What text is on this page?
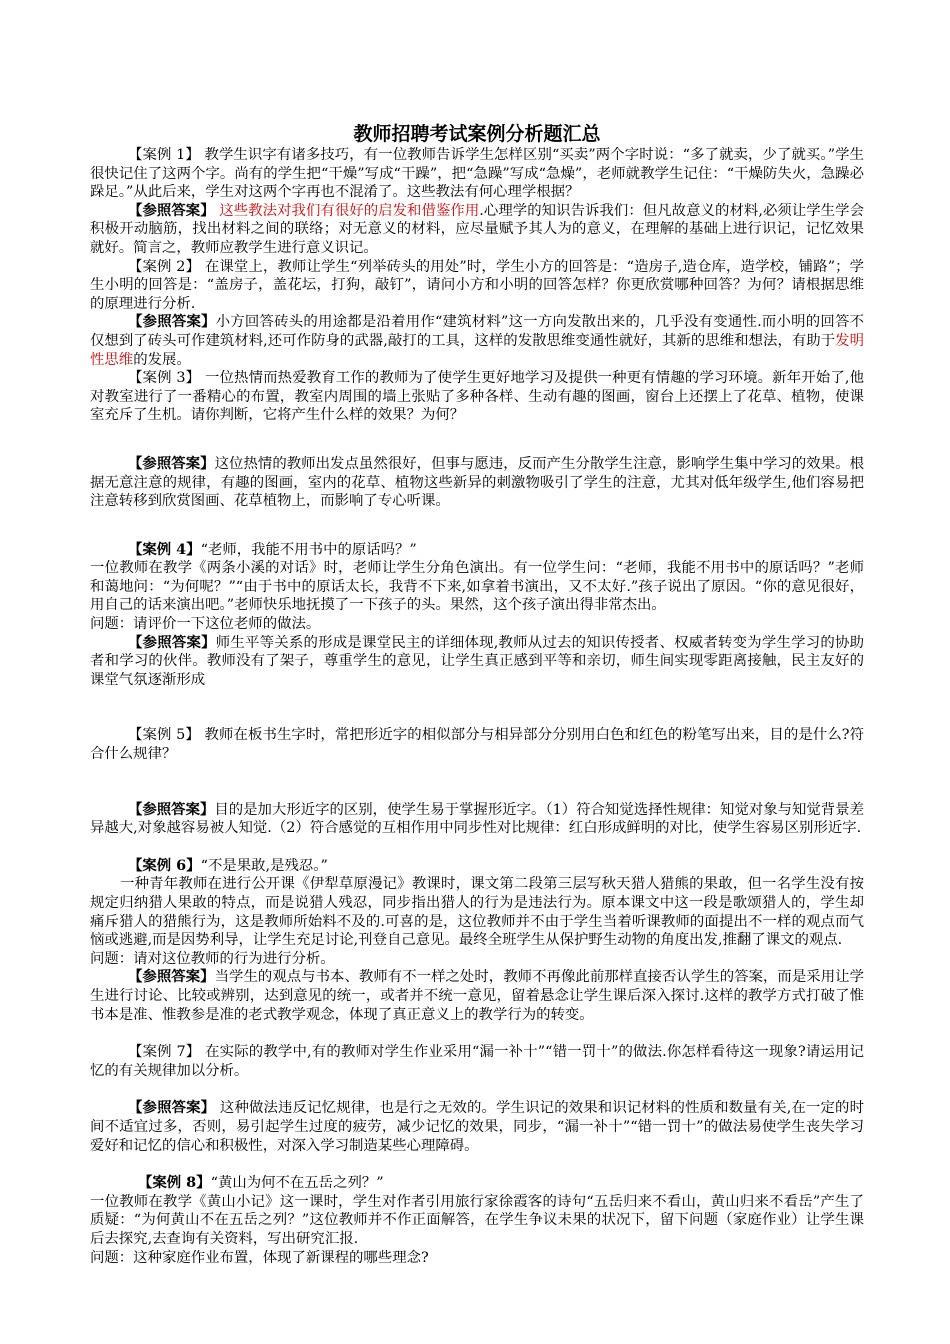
教师招聘考试案例分析题汇总

【案例 1】 教学生识字有诸多技巧，有一位教师告诉学生怎样区别“买卖”两个字时说：“多了就卖，少了就买。”学生很快记住了这两个字。尚有的学生把“干燥”写成“干躁”，把“急躁”写成“急燥”，老师就教学生记住：“干燥防失火，急躁必跺足。”从此后来，学生对这两个字再也不混淆了。这些教法有何心理学根据？

【参照答案】 这些教法对我们有很好的启发和借鉴作用.心理学的知识告诉我们：但凡故意义的材料,必须让学生学会积极开动脑筋，找出材料之间的联络；对无意义的材料，应尽量赋予其人为的意义，在理解的基础上进行识记，记忆效果就好。简言之，教师应教学生进行意义识记。

【案例 2】 在课堂上，教师让学生“列举砖头的用处”时，学生小方的回答是：“造房子,造仓库，造学校，铺路”；学生小明的回答是：“盖房子，盖花坛，打狗，敲钉”，请问小方和小明的回答怎样？你更欣赏哪种回答？为何？请根据思维的原理进行分析.

【参照答案】小方回答砖头的用途都是沿着用作“建筑材料”这一方向发散出来的，几乎没有变通性.而小明的回答不仅想到了砖头可作建筑材料,还可作防身的武器,敲打的工具，这样的发散思维变通性就好，其新的思维和想法，有助于发明性思维的发展。

【案例 3】 一位热情而热爱教育工作的教师为了使学生更好地学习及提供一种更有情趣的学习环境。新年开始了,他对教室进行了一番精心的布置，教室内周围的墙上张贴了多种各样、生动有趣的图画，窗台上还摆上了花草、植物，使课室充斥了生机。请你判断，它将产生什么样的效果？为何？

【参照答案】这位热情的教师出发点虽然很好，但事与愿违，反而产生分散学生注意，影响学生集中学习的效果。根据无意注意的规律，有趣的图画，室内的花草、植物这些新异的刺激物吸引了学生的注意，尤其对低年级学生,他们容易把注意转移到欣赏图画、花草植物上，而影响了专心听课。

【案例 4】“老师，我能不用书中的原话吗？”

一位教师在教学《两条小溪的对话》时，老师让学生分角色演出。有一位学生问：“老师，我能不用书中的原话吗？”老师和蔼地问：“为何呢？”“由于书中的原话太长，我背不下来,如拿着书演出，又不太好.”孩子说出了原因。“你的意见很好，用自己的话来演出吧。”老师快乐地抚摸了一下孩子的头。果然，这个孩子演出得非常杰出。

问题：请评价一下这位老师的做法。

【参照答案】师生平等关系的形成是课堂民主的详细体现,教师从过去的知识传授者、权威者转变为学生学习的协助者和学习的伙伴。教师没有了架子，尊重学生的意见，让学生真正感到平等和亲切，师生间实现零距离接触，民主友好的课堂气氛逐渐形成

【案例 5】 教师在板书生字时，常把形近字的相似部分与相异部分分别用白色和红色的粉笔写出来，目的是什么?符合什么规律？

【参照答案】目的是加大形近字的区别，使学生易于掌握形近字。（1）符合知觉选择性规律：知觉对象与知觉背景差异越大,对象越容易被人知觉.（2）符合感觉的互相作用中同步性对比规律：红白形成鲜明的对比，使学生容易区别形近字.

【案例 6】“不是果敢,是残忍。”

一种青年教师在进行公开课《伊犁草原漫记》教课时，课文第二段第三层写秋天猎人猎熊的果敢，但一名学生没有按规定归纳猎人果敢的特点，而是说猎人残忍，同步指出猎人的行为是违法行为。原本课文中这一段是歌颂猎人的，学生却痛斥猎人的猎熊行为，这是教师所始料不及的.可喜的是，这位教师并不由于学生当着听课教师的面提出不一样的观点而气恼或逃避,而是因势利导，让学生充足讨论,刊登自己意见。最终全班学生从保护野生动物的角度出发,推翻了课文的观点.

问题：请对这位教师的行为进行分析。

【参照答案】当学生的观点与书本、教师有不一样之处时，教师不再像此前那样直接否认学生的答案，而是采用让学生进行讨论、比较或辨别，达到意见的统一，或者并不统一意见，留着悬念让学生课后深入探讨.这样的教学方式打破了惟书本是准、惟教参是准的老式教学观念，体现了真正意义上的教学行为的转变。

【案例 7】 在实际的教学中,有的教师对学生作业采用“漏一补十”“错一罚十”的做法.你怎样看待这一现象?请运用记忆的有关规律加以分析。

【参照答案】 这种做法违反记忆规律，也是行之无效的。学生识记的效果和识记材料的性质和数量有关,在一定的时间不适宜过多，否则，易引起学生过度的疲劳，减少记忆的效果，同步，“漏一补十”“错一罚十”的做法易使学生丧失学习爱好和记忆的信心和积极性，对深入学习制造某些心理障碍。

【案例 8】“黄山为何不在五岳之列？”

一位教师在教学《黄山小记》这一课时，学生对作者引用旅行家徐霞客的诗句“五岳归来不看山，黄山归来不看岳”产生了质疑：“为何黄山不在五岳之列？”这位教师并不作正面解答，在学生争议未果的状况下，留下问题（家庭作业）让学生课后去探究,去查询有关资料，写出研究汇报.

问题：这种家庭作业布置，体现了新课程的哪些理念?
